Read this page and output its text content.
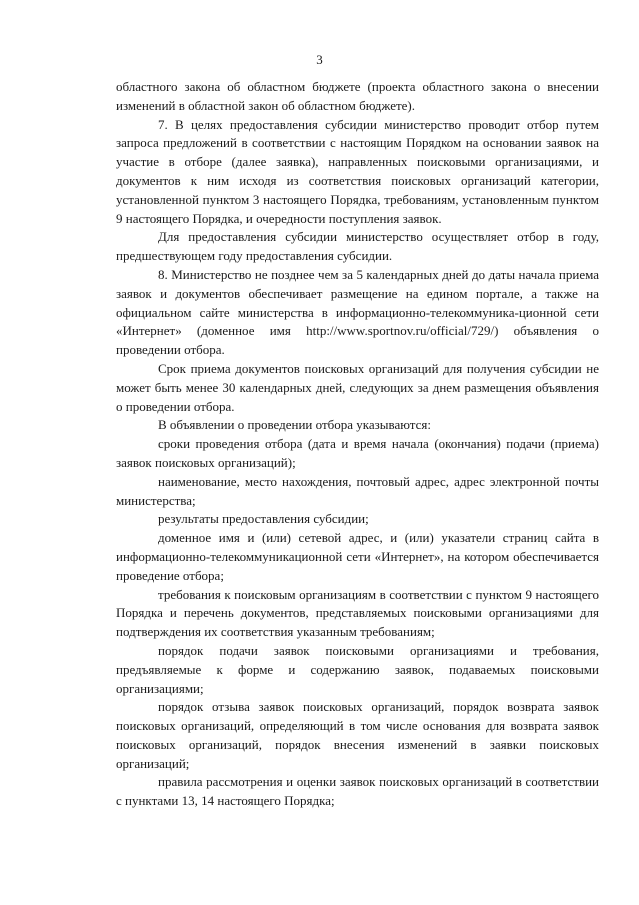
3

областного закона об областном бюджете (проекта областного закона о внесении изменений в областной закон об областном бюджете).

7. В целях предоставления субсидии министерство проводит отбор путем запроса предложений в соответствии с настоящим Порядком на основании заявок на участие в отборе (далее заявка), направленных поисковыми организациями, и документов к ним исходя из соответствия поисковых организаций категории, установленной пунктом 3 настоящего Порядка, требованиям, установленным пунктом 9 настоящего Порядка, и очередности поступления заявок.

Для предоставления субсидии министерство осуществляет отбор в году, предшествующем году предоставления субсидии.

8. Министерство не позднее чем за 5 календарных дней до даты начала приема заявок и документов обеспечивает размещение на едином портале, а также на официальном сайте министерства в информационно-телекоммуника-ционной сети «Интернет» (доменное имя http://www.sportnov.ru/official/729/) объявления о проведении отбора.

Срок приема документов поисковых организаций для получения субсидии не может быть менее 30 календарных дней, следующих за днем размещения объявления о проведении отбора.

В объявлении о проведении отбора указываются:

сроки проведения отбора (дата и время начала (окончания) подачи (приема) заявок поисковых организаций);

наименование, место нахождения, почтовый адрес, адрес электронной почты министерства;

результаты предоставления субсидии;

доменное имя и (или) сетевой адрес, и (или) указатели страниц сайта в информационно-телекоммуникационной сети «Интернет», на котором обеспечивается проведение отбора;

требования к поисковым организациям в соответствии с пунктом 9 настоящего Порядка и перечень документов, представляемых поисковыми организациями для подтверждения их соответствия указанным требованиям;

порядок подачи заявок поисковыми организациями и требования, предъявляемые к форме и содержанию заявок, подаваемых поисковыми организациями;

порядок отзыва заявок поисковых организаций, порядок возврата заявок поисковых организаций, определяющий в том числе основания для возврата заявок поисковых организаций, порядок внесения изменений в заявки поисковых организаций;

правила рассмотрения и оценки заявок поисковых организаций в соответствии с пунктами 13, 14 настоящего Порядка;
